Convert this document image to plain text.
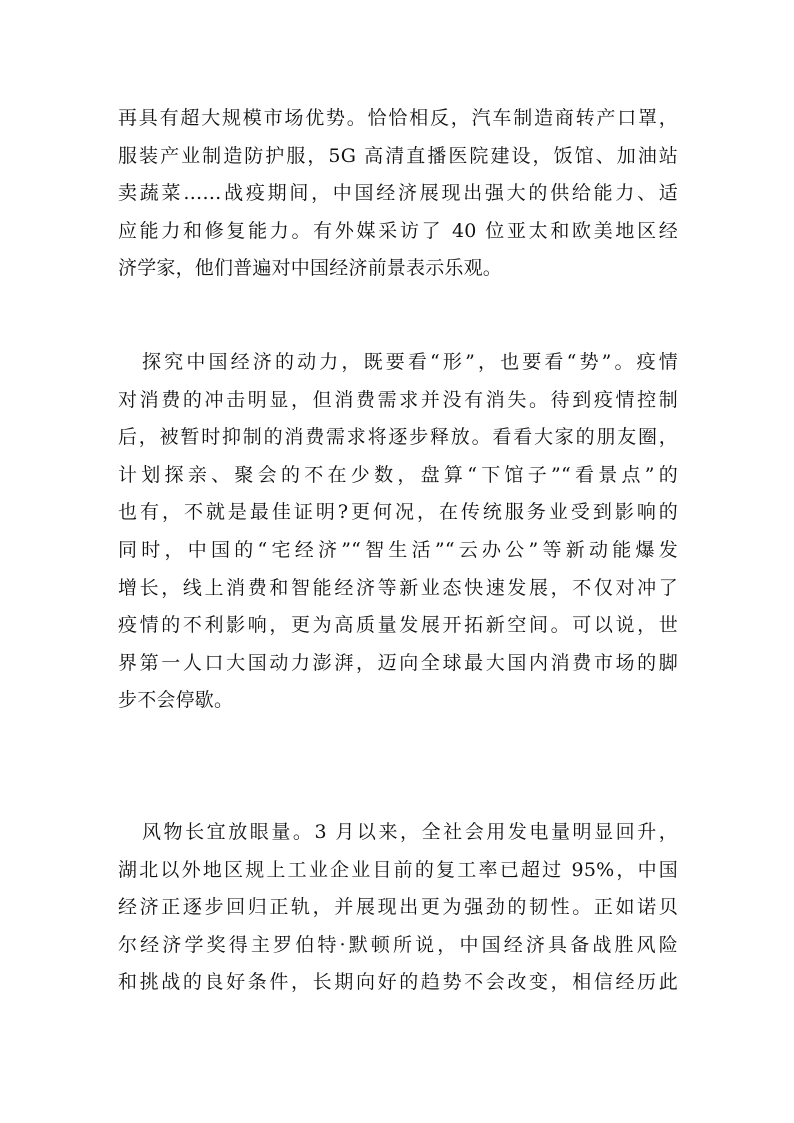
再具有超大规模市场优势。恰恰相反，汽车制造商转产口罩，
服装产业制造防护服，5G 高清直播医院建设，饭馆、加油站
卖蔬菜……战疫期间，中国经济展现出强大的供给能力、适
应能力和修复能力。有外媒采访了 40 位亚太和欧美地区经
济学家，他们普遍对中国经济前景表示乐观。
探究中国经济的动力，既要看“形”，也要看“势”。疫情
对消费的冲击明显，但消费需求并没有消失。待到疫情控制
后，被暂时抑制的消费需求将逐步释放。看看大家的朋友圈，
计划探亲、聚会的不在少数，盘算“下馆子”“看景点”的
也有，不就是最佳证明?更何况，在传统服务业受到影响的
同时，中国的“宅经济”“智生活”“云办公”等新动能爆发
增长，线上消费和智能经济等新业态快速发展，不仅对冲了
疫情的不利影响，更为高质量发展开拓新空间。可以说，世
界第一人口大国动力澎湃，迈向全球最大国内消费市场的脚
步不会停歇。
风物长宜放眼量。3 月以来，全社会用发电量明显回升，
湖北以外地区规上工业企业目前的复工率已超过 95%，中国
经济正逐步回归正轨，并展现出更为强劲的韧性。正如诺贝
尔经济学奖得主罗伯特·默顿所说，中国经济具备战胜风险
和挑战的良好条件，长期向好的趋势不会改变，相信经历此
